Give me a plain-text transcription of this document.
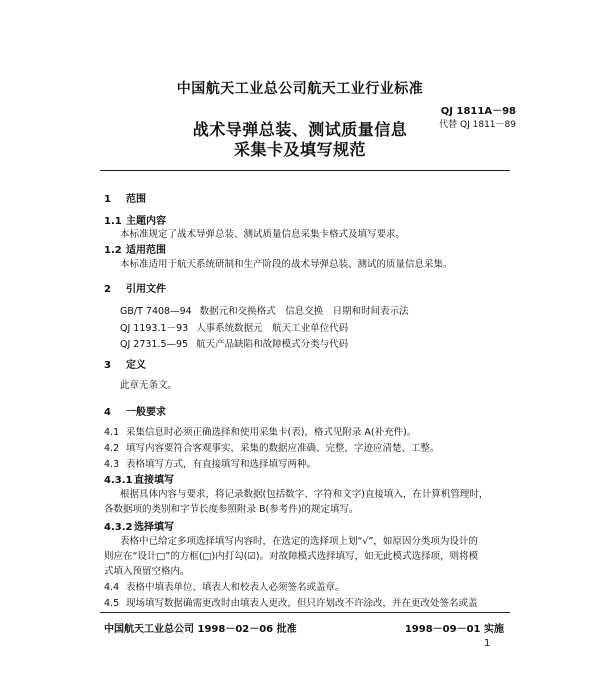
中国航天工业总公司航天工业行业标准
QJ 1811A－98
代替 QJ 1811－89
战术导弹总装、测试质量信息
采集卡及填写规范
1 范围
1.1 主题内容
本标准规定了战术导弹总装、测试质量信息采集卡格式及填写要求。
1.2 适用范围
本标准适用于航天系统研制和生产阶段的战术导弹总装、测试的质量信息采集。
2 引用文件
GB/T 7408—94 数据元和交换格式　信息交换　日期和时间表示法
QJ 1193.1－93 人事系统数据元　航天工业单位代码
QJ 2731.5—95 航天产品缺陷和故障模式分类与代码
3 定义
此章无条文。
4 一般要求
4.1 采集信息时必须正确选择和使用采集卡(表)，格式见附录 A(补充件)。
4.2 填写内容要符合客观事实，采集的数据应准确、完整，字迹应清楚、工整。
4.3 表格填写方式，有直接填写和选择填写两种。
4.3.1 直接填写
根据具体内容与要求，将记录数据(包括数字、字符和文字)直接填入，在计算机管理时，
各数据项的类别和字节长度参照附录 B(参考件)的规定填写。
4.3.2 选择填写
表格中已给定多项选择填写内容时，在选定的选择项上划“√”，如原因分类项为设计的
则应在“设计□”的方框(□)内打勾(☑)。对故障模式选择填写，如无此模式选择项，则将模
式填入预留空格内。
4.4 表格中填表单位、填表人和校表人必须签名或盖章。
4.5 现场填写数据确需更改时由填表人更改，但只许划改不许涂改，并在更改处签名或盖
中国航天工业总公司 1998－02－06 批准	1998－09－01 实施
1
